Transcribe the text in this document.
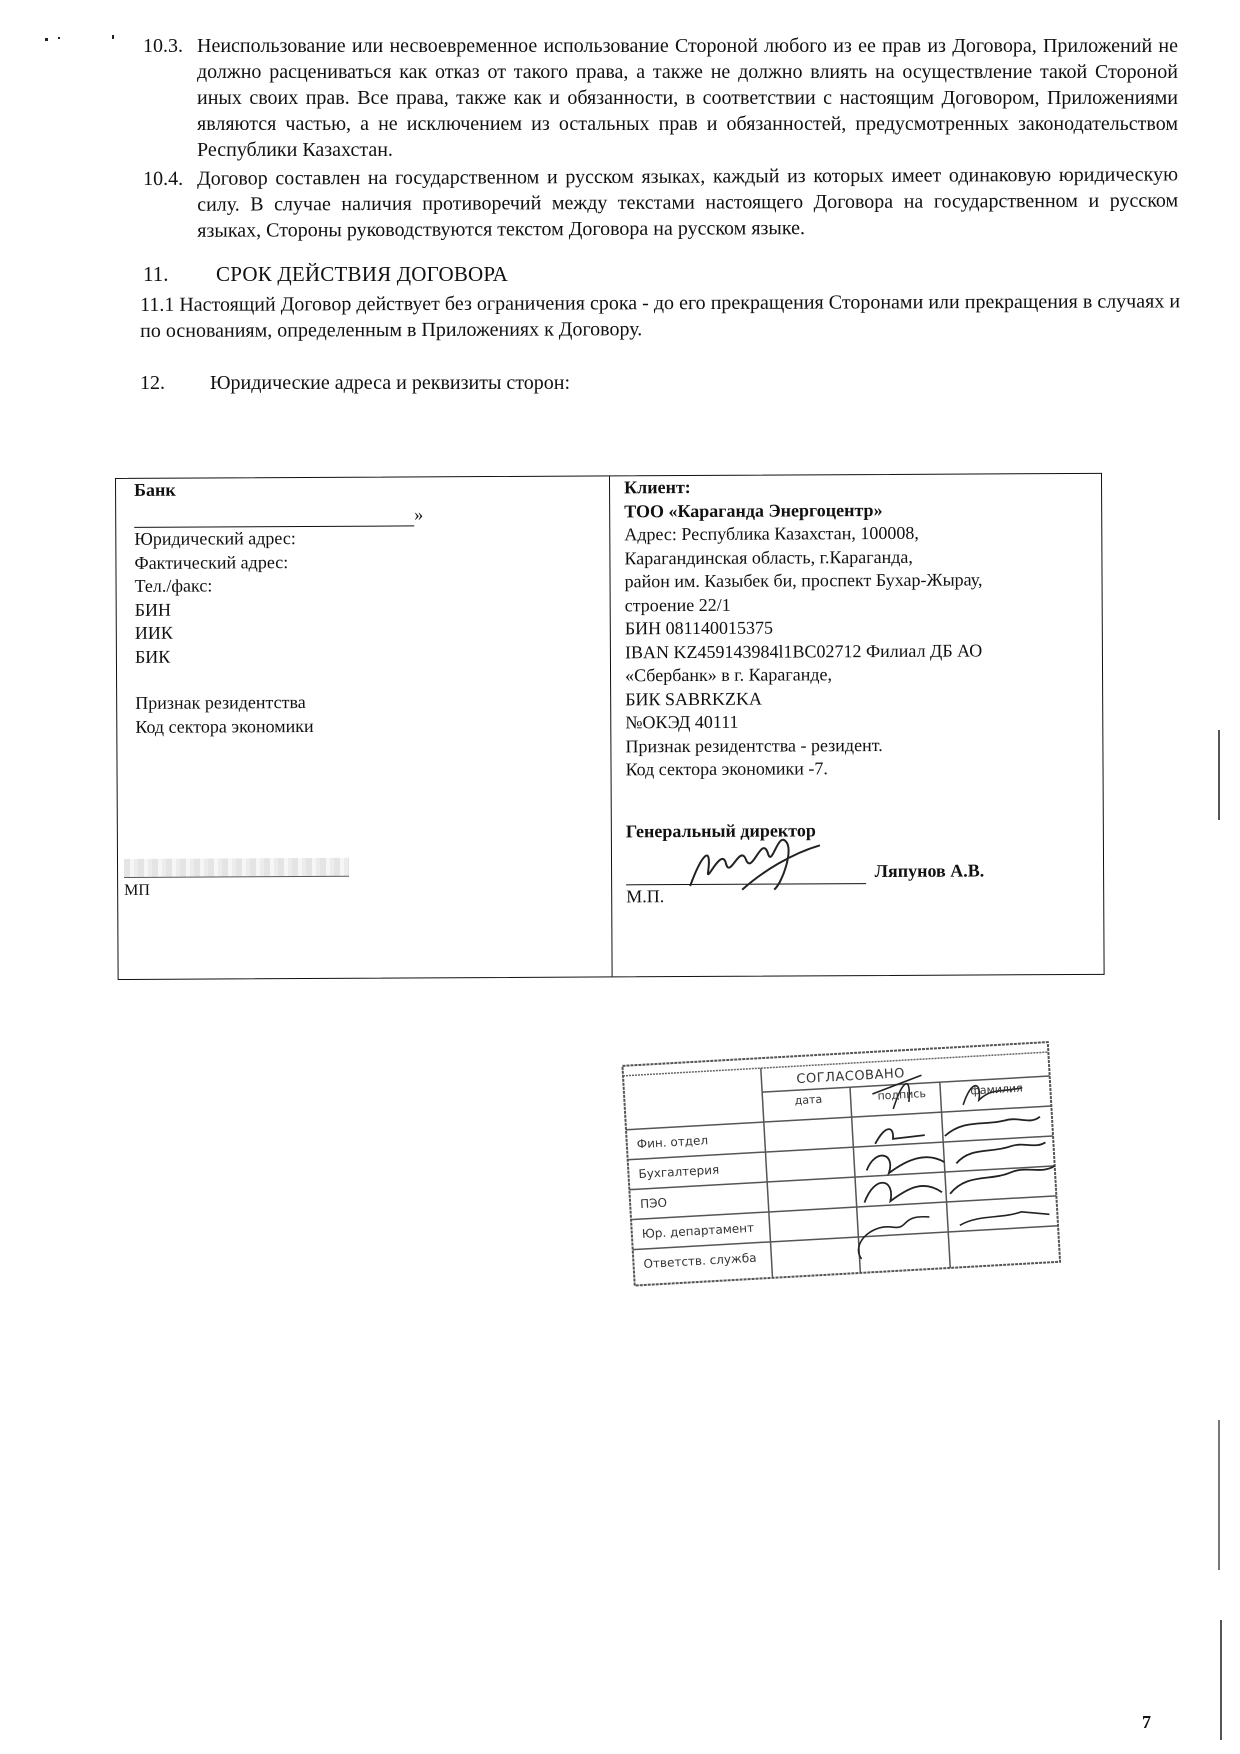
10.3. Неиспользование или несвоевременное использование Стороной любого из ее прав из Договора, Приложений не должно расцениваться как отказ от такого права, а также не должно влиять на осуществление такой Стороной иных своих прав. Все права, также как и обязанности, в соответствии с настоящим Договором, Приложениями являются частью, а не исключением из остальных прав и обязанностей, предусмотренных законодательством Республики Казахстан.
10.4. Договор составлен на государственном и русском языках, каждый из которых имеет одинаковую юридическую силу. В случае наличия противоречий между текстами настоящего Договора на государственном и русском языках, Стороны руководствуются текстом Договора на русском языке.
11. СРОК ДЕЙСТВИЯ ДОГОВОРА
11.1 Настоящий Договор действует без ограничения срока - до его прекращения Сторонами или прекращения в случаях и по основаниям, определенным в Приложениях к Договору.
12. Юридические адреса и реквизиты сторон:
Банк
»
Юридический адрес:
Фактический адрес:
Тел./факс:
БИН
ИИК
БИК
Признак резидентства
Код сектора экономики
МП
Клиент:
ТОО «Караганда Энергоцентр»
Адрес: Республика Казахстан, 100008,
Карагандинская область, г.Караганда,
район им. Казыбек би, проспект Бухар-Жырау,
строение 22/1
БИН 081140015375
IBAN KZ459143984l1BC02712 Филиал ДБ АО
«Сбербанк» в г. Караганде,
БИК SABRKZKA
№ОКЭД 40111
Признак резидентства - резидент.
Код сектора экономики -7.
Генеральный директор
Ляпунов А.В.
М.П.
СОГЛАСОВАНО
дата	подпись	фамилия
Фин. отдел
Бухгалтерия
ПЭО
Юр. департамент
Ответств. служба
7
